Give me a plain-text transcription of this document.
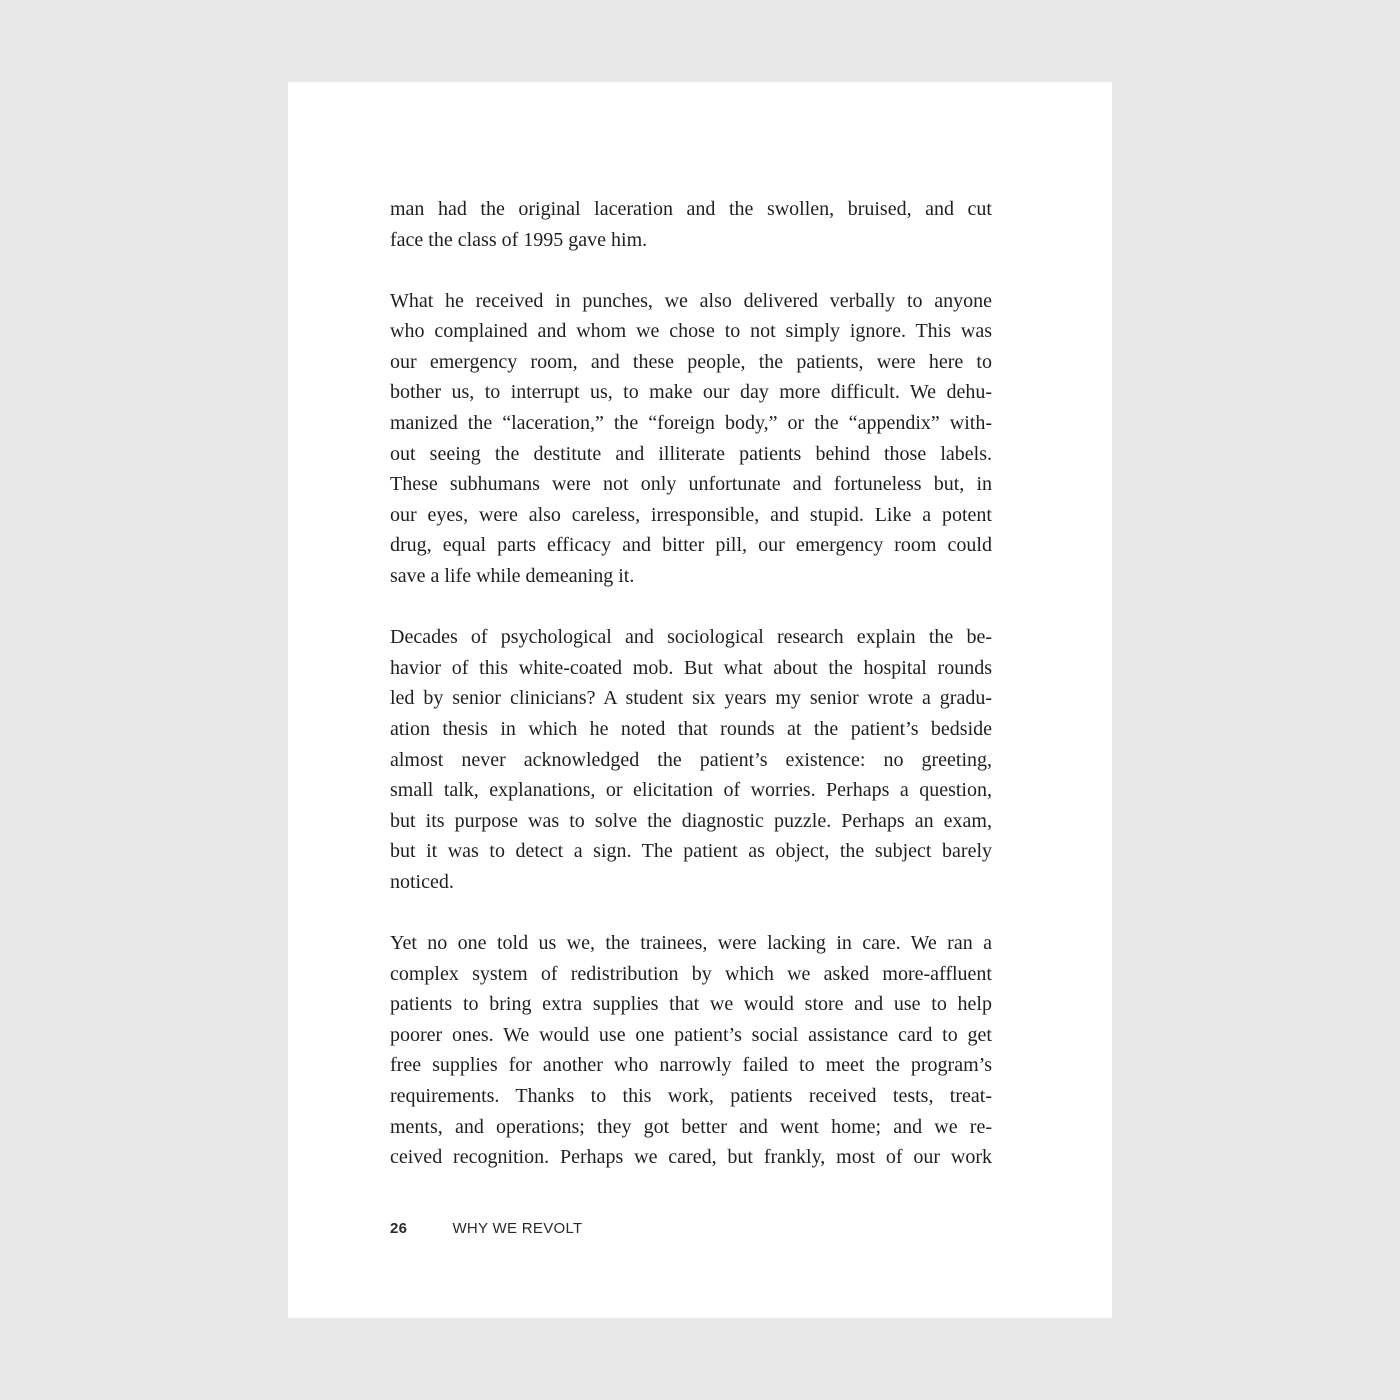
man had the original laceration and the swollen, bruised, and cut
face the class of 1995 gave him.
What he received in punches, we also delivered verbally to anyone
who complained and whom we chose to not simply ignore. This was
our emergency room, and these people, the patients, were here to
bother us, to interrupt us, to make our day more difficult. We dehu-
manized the “laceration,” the “foreign body,” or the “appendix” with-
out seeing the destitute and illiterate patients behind those labels.
These subhumans were not only unfortunate and fortuneless but, in
our eyes, were also careless, irresponsible, and stupid. Like a potent
drug, equal parts efficacy and bitter pill, our emergency room could
save a life while demeaning it.
Decades of psychological and sociological research explain the be-
havior of this white-coated mob. But what about the hospital rounds
led by senior clinicians? A student six years my senior wrote a gradu-
ation thesis in which he noted that rounds at the patient’s bedside
almost never acknowledged the patient’s existence: no greeting,
small talk, explanations, or elicitation of worries. Perhaps a question,
but its purpose was to solve the diagnostic puzzle. Perhaps an exam,
but it was to detect a sign. The patient as object, the subject barely
noticed.
Yet no one told us we, the trainees, were lacking in care. We ran a
complex system of redistribution by which we asked more-affluent
patients to bring extra supplies that we would store and use to help
poorer ones. We would use one patient’s social assistance card to get
free supplies for another who narrowly failed to meet the program’s
requirements. Thanks to this work, patients received tests, treat-
ments, and operations; they got better and went home; and we re-
ceived recognition. Perhaps we cared, but frankly, most of our work
26	WHY WE REVOLT
